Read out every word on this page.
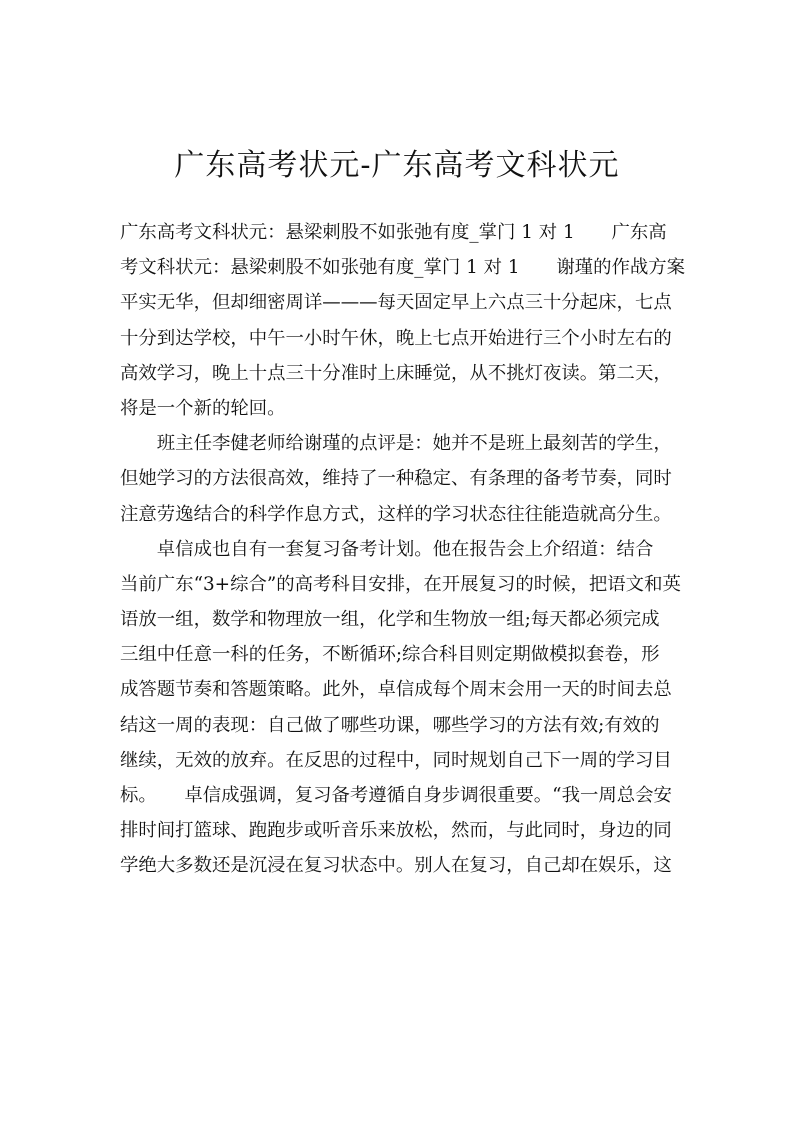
广东高考状元-广东高考文科状元
广东高考文科状元：悬梁刺股不如张弛有度_掌门 1 对 1　　广东高
考文科状元：悬梁刺股不如张弛有度_掌门 1 对 1　　谢瑾的作战方案
平实无华，但却细密周详———每天固定早上六点三十分起床，七点
十分到达学校，中午一小时午休，晚上七点开始进行三个小时左右的
高效学习，晚上十点三十分准时上床睡觉，从不挑灯夜读。第二天，
将是一个新的轮回。
　　班主任李健老师给谢瑾的点评是：她并不是班上最刻苦的学生，
但她学习的方法很高效，维持了一种稳定、有条理的备考节奏，同时
注意劳逸结合的科学作息方式，这样的学习状态往往能造就高分生。
　　卓信成也自有一套复习备考计划。他在报告会上介绍道：结合
当前广东“3+综合”的高考科目安排，在开展复习的时候，把语文和英
语放一组，数学和物理放一组，化学和生物放一组;每天都必须完成
三组中任意一科的任务，不断循环;综合科目则定期做模拟套卷，形
成答题节奏和答题策略。此外，卓信成每个周末会用一天的时间去总
结这一周的表现：自己做了哪些功课，哪些学习的方法有效;有效的
继续，无效的放弃。在反思的过程中，同时规划自己下一周的学习目
标。　　卓信成强调，复习备考遵循自身步调很重要。“我一周总会安
排时间打篮球、跑跑步或听音乐来放松，然而，与此同时，身边的同
学绝大多数还是沉浸在复习状态中。别人在复习，自己却在娱乐，这
